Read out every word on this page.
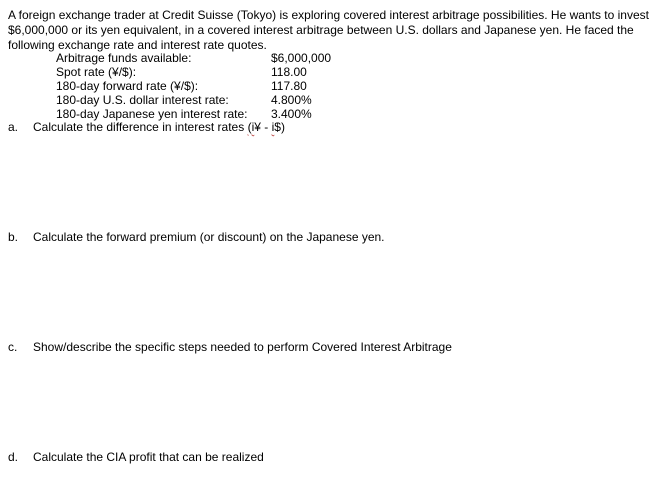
A foreign exchange trader at Credit Suisse (Tokyo) is exploring covered interest arbitrage possibilities. He wants to invest $6,000,000 or its yen equivalent, in a covered interest arbitrage between U.S. dollars and Japanese yen. He faced the following exchange rate and interest rate quotes.
Arbitrage funds available:	$6,000,000
Spot rate (¥/$):	118.00
180-day forward rate (¥/$):	117.80
180-day U.S. dollar interest rate:	4.800%
180-day Japanese yen interest rate:	3.400%
a. Calculate the difference in interest rates (i¥ - i$)
b. Calculate the forward premium (or discount) on the Japanese yen.
c. Show/describe the specific steps needed to perform Covered Interest Arbitrage
d. Calculate the CIA profit that can be realized
